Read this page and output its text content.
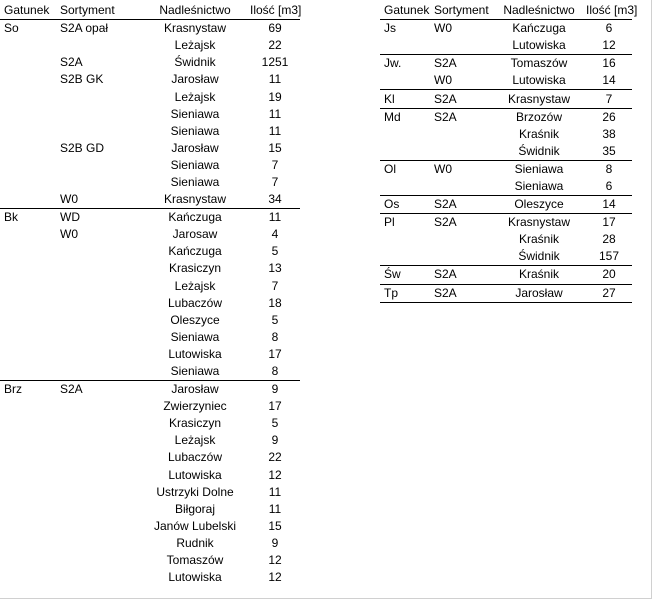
Gatunek	Sortyment	Nadleśnictwo	Ilość [m3]
So	S2A opał	Krasnystaw	69
		Leżajsk	22
	S2A	Świdnik	1251
	S2B GK	Jarosław	11
		Leżajsk	19
		Sieniawa	11
		Sieniawa	11
	S2B GD	Jarosław	15
		Sieniawa	7
		Sieniawa	7
	W0	Krasnystaw	34
Bk	WD	Kańczuga	11
	W0	Jarosaw	4
		Kańczuga	5
		Krasiczyn	13
		Leżajsk	7
		Lubaczów	18
		Oleszyce	5
		Sieniawa	8
		Lutowiska	17
		Sieniawa	8
Brz	S2A	Jarosław	9
		Zwierzyniec	17
		Krasiczyn	5
		Leżajsk	9
		Lubaczów	22
		Lutowiska	12
		Ustrzyki Dolne	11
		Biłgoraj	11
		Janów Lubelski	15
		Rudnik	9
		Tomaszów	12
		Lutowiska	12
Gatunek	Sortyment	Nadleśnictwo	Ilość [m3]
Js	W0	Kańczuga	6
		Lutowiska	12
Jw.	S2A	Tomaszów	16
	W0	Lutowiska	14
Kl	S2A	Krasnystaw	7
Md	S2A	Brzozów	26
		Kraśnik	38
		Świdnik	35
Ol	W0	Sieniawa	8
		Sieniawa	6
Os	S2A	Oleszyce	14
Pl	S2A	Krasnystaw	17
		Kraśnik	28
		Świdnik	157
Św	S2A	Kraśnik	20
Tp	S2A	Jarosław	27
